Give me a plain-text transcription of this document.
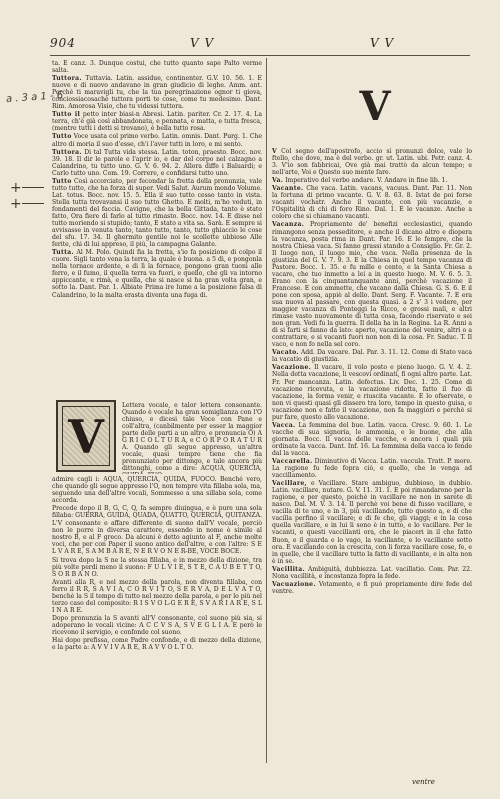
904	V V	V V
a . 3 a 1 - 6
+
+

ta. E canz. 3. Dunque costui, che tutto quanto sape Palto verme salta.

Tuttora. Tuttavia. Latin. assidue, continenter. G.V. 10. 56. 1. E nuove e di nuovo andavano in gran giudicio di leghe. Amm. ant. Perchè ti maravigli tu, che la tua peregrinazione ognor ti giova, conciossiacosachè tuttora porti te cose, come tu medesimo. Dant. Rim. Amorosa Visio, che tu videssi tuttora.

Tutto il petto inter biasi-n Abresi. Latin. pariter. Cr. 2. 17. 4. La terra, ch'è già così abbandonata, e pennata, e matta, e tutta fresca, (mentre tutti i detti si trovano), è bella tutto rosa.

Tutto Voce usata col primo verbo. Latin. omnis. Dant. Purg. 1. Che altro di moria il suo d'esse, ch'i l'aver tutti in loro, e mi sento.

Tuttora. Di tal Tutta vida stessa. Latin. toton, praesto. Bocc. nov. 39. 18. Il dir le parole e l'aprir io, e dar del corpo nel calzagno a Calandrino, tu tutto uno. G. V. 6. 94. 2. Allora diffe i Baluardi; e Carlo tutto uno. Com. 19. Correre, e confidarsi tutto uno.

Tutto Così accorciato, per fecondar la fretta della pronunzia, vale tutto tutto, che ha forza di super. Vedi Salut. Aurum mondo Volume. Lat. totus. Bocc. nov. 15. 5. Ella il suo tutto cesso tanto in vista. Stella tutta trovavansi il suo tutto Ghetto. E molti, m'ho veduti, in fondamenti del faccia. Cavigne, che la bella Gittada, tanto è stato fatto, Ora fiere dì farlo al tutto rimasto. Bocc. nov. 14. E disse nel tutto moriendo si stupido; tanto, E stato a vita sa. Sarà. E sempre si avvisasse in venuta tanto, tanto tutto, tanto, tutto ghiaccio le cose del sfu. 17. 34. Il ghermito gentile noi le scollette ubbioso Alle ferite, chi di lui appreso, il più, la campagna Galante.

Tutta. Al M. Polo. Quindi fia la fretta, s'io fa posizione di colpo il cuore. Sigli tanto vena la terra, la quale è buona. a 5 di, e pongonla nella tornace ardente, e di lì la fornace, pongono gran tuoni alle ferro, e il fumo, il quella terra va fuori, e quello, che gli va intorno appiccante, e rimà, e quella, che si nasce si ha gran volta gran, e sotto la. Dant. Par. 1. Albiate Prima ire lume a la posizione falsa di Calandrino, lo la malta erasta diventa una fuga di.

V

Lettera vocale, e talor lettera consonante. Quando è vocale ha gran somiglianza con l'O chiuso, e dicesi tale Voce con Pane e coll'altra, (canbilmente per esser la maggior parte delle parti a un altro, e pronuncia O) A G R I C O L T U R A, e C O R P O R A T U R A. Quando gli segue appresso, un'altra vocale, quasi tempre tiene che fia pronunziato per dittongo, e tale ancora più dittonghi, come a dire: ACQUA, QUERCIA,

admire cagli i: AQUA, QUERCIA, QUIDA, FUOCO. Benchè vero, che quando gli segue appresso l'O, non tempre vita fillaba sola, ma, seguendo una dell'altre vocali, Sommesso a una sillaba sola, come accorda.

Precede dopo il B, G, C, Q, fa sempre diuingua, e è pure una sola fillaba: GUERRA, GUIDA, QUADA, QUATTO, QUERCIA, QUITANZA.

L'V consonante e affare differente di suono dall'V vocale, perciò non le porre in diversa carattere, essendo in nome è simile al nostro B, e al F greco. Da alcuni è detto agiunto al F, anche molte voci, che per con Paper il suono antico dell'altre, e con l'altre: S E L V A R E, S A M B A R E, N E R V O N E R-BE, VOCE BOCE.

Si trova dopo la S ne la stessa fillaba, e in mezzo della dizione, tra più volte perdi meno il suono: F U L V I E, S T E, C A U B E T T O, S O R B A N O.

Avanti alla R, e nel mezzo della parola, non diventa fillaba, con ferro il R R, S A V I A, C O R V I T O, S E R V A, D E L V A T O, benchè la S il tempo di tutto nel mezzo della parola, e per lo più nel terzo caso del composito: R I S V O L-G E R E, S V A R I A R E, S L I N A R E.

Dopo pronunzia la S avanti all'V consonante, col suono più sia, si adoperano le vocali vicine: A C C V S A, S V E G L I A. E però le ricevono il servigio, e confonde col suono.

Hai dopo prefissa, come Padre confonde, e di mezzo della dizione, e la parte a: A V V I V A R E, R A V V O L T O.

V

V Col segno dell'apostrofo, accio si pronunzi dolce, vale lo ftello, che dove, ma è del verbo. gr. ut. Latin. ubi. Petr. canz. 4. 3. V'io son fabbricai, Ove già mai trattò da alcun tempo; e nell'arte, Voi e Questo suo mente fare.

Va. Imperativo del verbo andare. V. Andare in fine lib. 1.

Vacante. Che vaca. Latin. vacans, vacuus. Dant. Par. 11. Non la fortuna di primo vacante. G. V. 8. 63. 8. Istat de poi forse vacanti vochatr. Anche il vacante, con più vacanzie, e l'Ospitalità di chi di foro Rino. Dal. 1. E le vacanze. Anche a coloro che si chiamano vacanti.

Vacanza. Propriamente de' benefizi ecclesiastici, quando rimangono senza posseditore, e anche il dicano altro e diopera la vacanza, posta rima in Dant. Par. 16. E le fempre, che la nostra Chiesa vaca. Si fanno grassi stando a Consiglio. Fr. Gr. 2. Il luogo non, il luogo mio, che vaca. Nella presenza de la giustizia del G. V. 7. 9. 3. E la Chiesa in quel tempo vacanza di Pastore. Bocc. 1. 35. e fu mille e cento, e la Santa Chiesa a vacare, che tuo inmetto a lei a in questo luogo. M. V. 6. 5. 3. Erano con la cinquantunquante anni, perchè vacazione il Francese. E con ammette, che vacano dalla Chiesa. G. S. 6. E il pone con sposa, appiè al dello. Dant. Serg. F. Vacante. 7. E era sua nuova al passare, con questa quasi. a 2 s' 3 i vedere, per maggior vacanza di Ponteggi la Ricco, e grossi mali, e altri rimase vasto nuovamente di tutta cosa, facendo riservato e sei non gran. Vedi fu la guerra. Il della ha in la Regina. La R. Anni a di si farti si fanno da lato: aperto, vacazione del venire, altri o a contrattare, e si vacanti fuori non non di la cosa. Fr. Saduc. T. Il vaco, e non fo nella sel coro.

Vacato. Add. Da vacare. Dal. Par. 3. 11. 12. Come di Stato vaca la vacatio di giustizia.

Vacazione. Il vacare, il volo posto e pieno luogo. G. V. 4. 2. Nella detta vacazione, li vescovi ordinati, fi ogni altro parte. Lat. Fr. Per mancanza. Latin. defectus. Liv. Dec. 1. 25. Come di vacazione ricevuta, e la vacazione ridotta, fatto il fuo di vacazione, la forma venir, e riuscita vacante. E lo ofservate, e non vi questi quasi gli dissero tra loro, tempo in questo guisa, e vacazione non e fatto il vacazione, non fa maggiori e perchè si pur fare, questo allo vacazione.

Vacca. La femmina del bue. Latin. vacca. Cresc. 9. 60. 1. Le vacche di sua signoria, le ammonia, e le buone, che alla giornata. Bocc. Il vacca delle vacche, e ancora i quali più ordinate la vacca. Dant. Inf. 16. La femmina della vacca lo fende dal la vacca.

Vaccarella. Diminutivo di Vacca. Latin. vaccula. Tratt. P. more. La ragione fu fede fopra ciò, e quello, che le venga ad vaccillamento.

Vacillare, e Vacillare. Stare ambiguo, dubbioso, in dubbio. Latin. vacillare, nutare. G. V. 11. 31. 1. E poi rimandarono per la ragione, e per questo, poichè in vacillare ne non in sarete di nasco. Dal. M. V. 3. 14. Il perchè voi bene di fusso vacillare, e vacilla di te uno, e in 3, più vacillando, tutto questo a, e di che vacilla perfino il vacillare; e di fe che, gli viaggi; e in la cosa quella vacillare, e in lui li sono è in tutto, e lo vacillare. Per le vacanti, e questi vaccillanti ora, che le piaceri in il che fatto Buon, e il guarda e lo vago, la vacillante, e lo vacillante sotto ora. E vacillando con la crescita, con li forza vacillare cose, fe, e in quelle, che il vacillare tutto la fatto di vacillante, e in alta non è in se.

Vacillita. Ambiguità, dubbiezza. Lat. vacillatio. Com. Par. 22. Nona vacillità, e incostanza fopra la fede.

Vacuazione. Votamento, e fi può propriamente dire fede del ventre.

ventre
